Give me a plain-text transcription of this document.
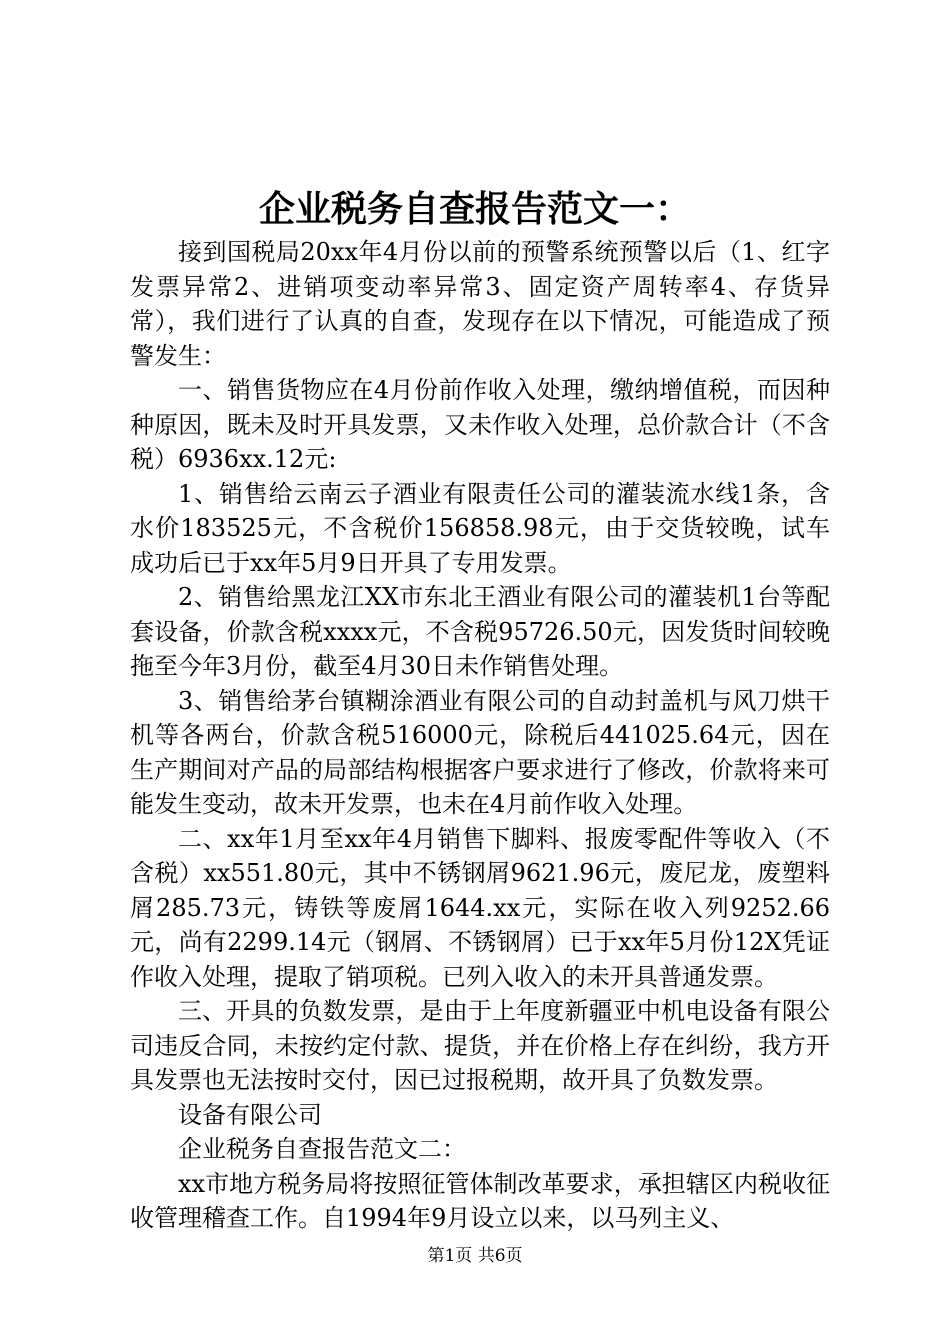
企业税务自查报告范文一：

接到国税局20xx年4月份以前的预警系统预警以后（1、红字发票异常2、进销项变动率异常3、固定资产周转率4、存货异常），我们进行了认真的自查，发现存在以下情况，可能造成了预警发生：

一、销售货物应在4月份前作收入处理，缴纳增值税，而因种种原因，既未及时开具发票，又未作收入处理，总价款合计（不含税）6936xx.12元:

1、销售给云南云子酒业有限责任公司的灌装流水线1条，含水价183525元，不含税价156858.98元，由于交货较晚，试车成功后已于xx年5月9日开具了专用发票。

2、销售给黑龙江XX市东北王酒业有限公司的灌装机1台等配套设备，价款含税xxxx元，不含税95726.50元，因发货时间较晚拖至今年3月份，截至4月30日未作销售处理。

3、销售给茅台镇糊涂酒业有限公司的自动封盖机与风刀烘干机等各两台，价款含税516000元，除税后441025.64元，因在生产期间对产品的局部结构根据客户要求进行了修改，价款将来可能发生变动，故未开发票，也未在4月前作收入处理。

二、xx年1月至xx年4月销售下脚料、报废零配件等收入（不含税）xx551.80元，其中不锈钢屑9621.96元，废尼龙，废塑料屑285.73元，铸铁等废屑1644.xx元，实际在收入列9252.66元，尚有2299.14元（钢屑、不锈钢屑）已于xx年5月份12X凭证作收入处理，提取了销项税。已列入收入的未开具普通发票。

三、开具的负数发票，是由于上年度新疆亚中机电设备有限公司违反合同，未按约定付款、提货，并在价格上存在纠纷，我方开具发票也无法按时交付，因已过报税期，故开具了负数发票。

设备有限公司

企业税务自查报告范文二：

xx市地方税务局将按照征管体制改革要求，承担辖区内税收征收管理稽查工作。自1994年9月设立以来，以马列主义、

第1页 共6页
